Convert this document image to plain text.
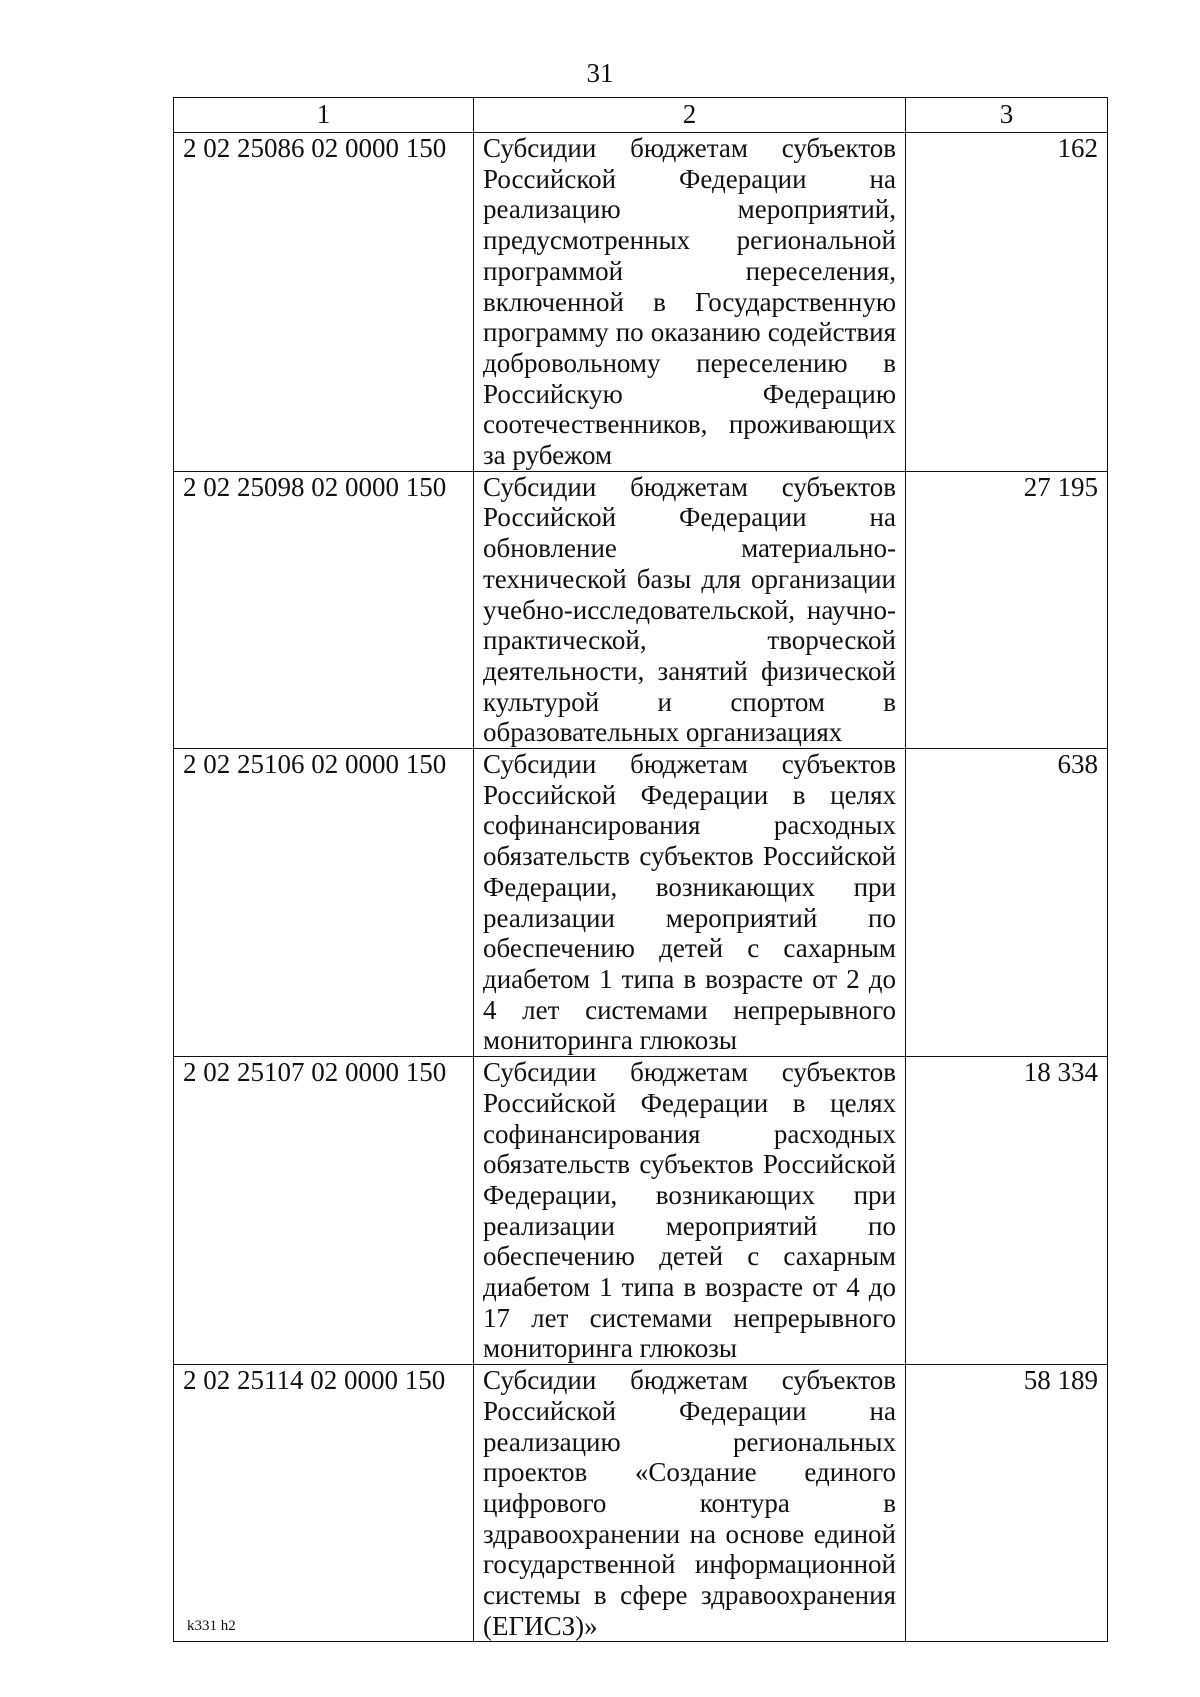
31
1	2	3
2 02 25086 02 0000 150	Субсидии бюджетам субъектов Российской Федерации на реализацию мероприятий, предусмотренных региональной программой переселения, включенной в Государственную программу по оказанию содействия добровольному переселению в Российскую Федерацию соотечественников, проживающих за рубежом	162
2 02 25098 02 0000 150	Субсидии бюджетам субъектов Российской Федерации на обновление материально-технической базы для организации учебно-исследовательской, научно-практической, творческой деятельности, занятий физической культурой и спортом в образовательных организациях	27 195
2 02 25106 02 0000 150	Субсидии бюджетам субъектов Российской Федерации в целях софинансирования расходных обязательств субъектов Российской Федерации, возникающих при реализации мероприятий по обеспечению детей с сахарным диабетом 1 типа в возрасте от 2 до 4 лет системами непрерывного мониторинга глюкозы	638
2 02 25107 02 0000 150	Субсидии бюджетам субъектов Российской Федерации в целях софинансирования расходных обязательств субъектов Российской Федерации, возникающих при реализации мероприятий по обеспечению детей с сахарным диабетом 1 типа в возрасте от 4 до 17 лет системами непрерывного мониторинга глюкозы	18 334
2 02 25114 02 0000 150	Субсидии бюджетам субъектов Российской Федерации на реализацию региональных проектов «Создание единого цифрового контура в здравоохранении на основе единой государственной информационной системы в сфере здравоохранения (ЕГИСЗ)»	58 189
k331 h2
